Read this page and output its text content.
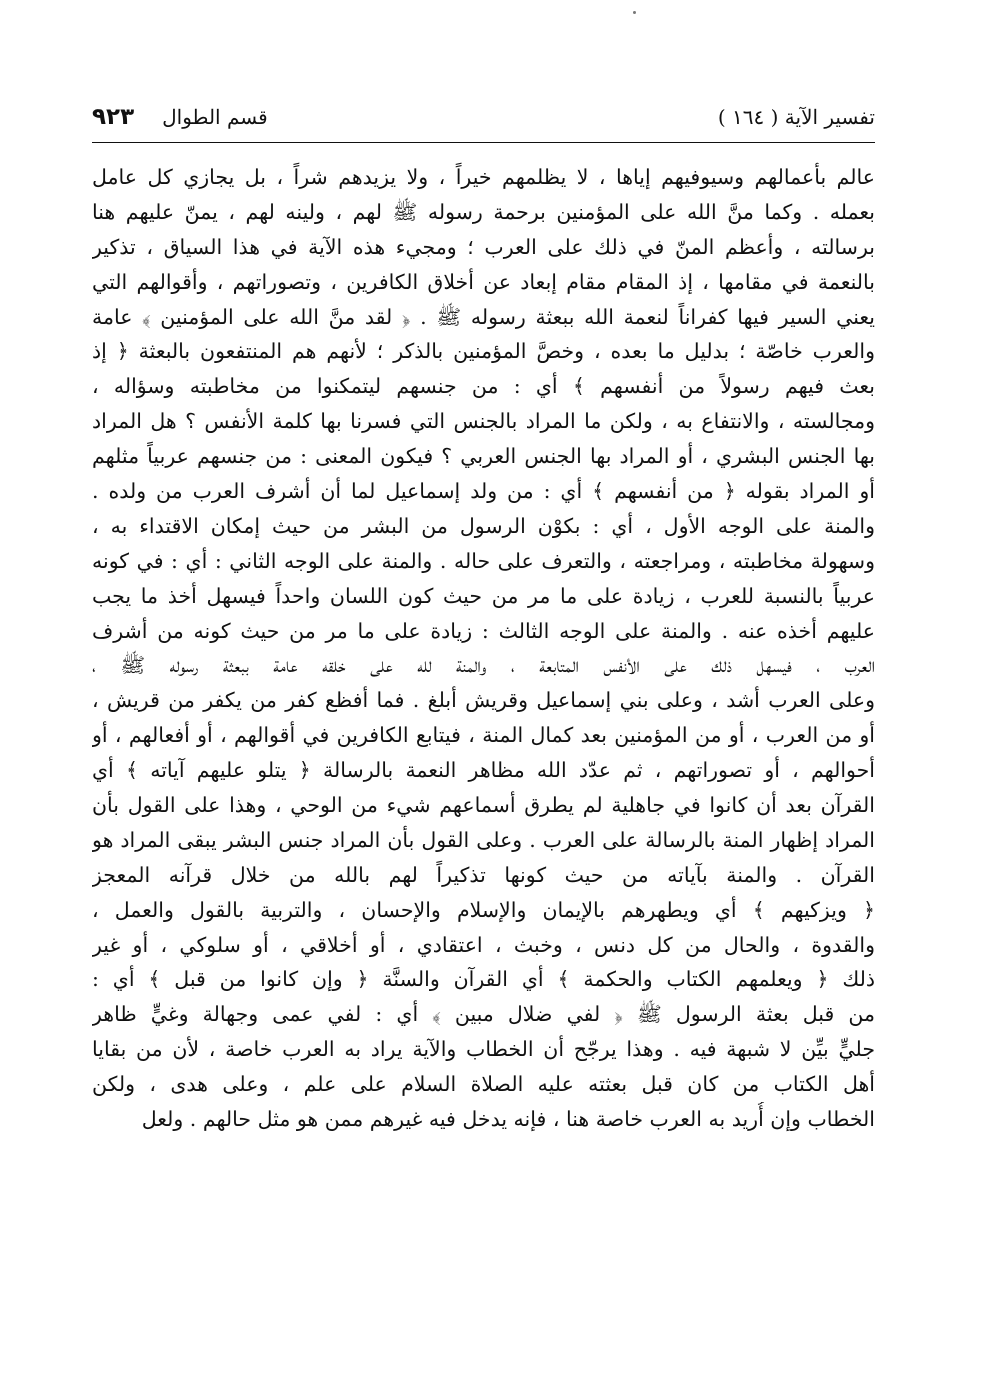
تفسير الآية ( ١٦٤ )
قسم الطوال
٩٢٣
عالم بأعمالهم وسيوفيهم إياها ، لا يظلمهم خيراً ، ولا يزيدهم شراً ، بل يجازي كل عامل
بعمله . وكما منَّ الله على المؤمنين برحمة رسوله ﷺ لهم ، ولينه لهم ، يمنّ عليهم هنا
برسالته ، وأعظم المنّ في ذلك على العرب ؛ ومجيء هذه الآية في هذا السياق ، تذكير
بالنعمة في مقامها ، إذ المقام مقام إبعاد عن أخلاق الكافرين ، وتصوراتهم ، وأقوالهم التي
يعني السير فيها كفراناً لنعمة الله ببعثة رسوله ﷺ . ﴿ لقد منَّ الله على المؤمنين ﴾ عامة
والعرب خاصّة ؛ بدليل ما بعده ، وخصَّ المؤمنين بالذكر ؛ لأنهم هم المنتفعون بالبعثة ﴿ إذ
بعث فيهم رسولاً من أنفسهم ﴾ أي : من جنسهم ليتمكنوا من مخاطبته وسؤاله ،
ومجالسته ، والانتفاع به ، ولكن ما المراد بالجنس التي فسرنا بها كلمة الأنفس ؟ هل المراد
بها الجنس البشري ، أو المراد بها الجنس العربي ؟ فيكون المعنى : من جنسهم عربياً مثلهم
أو المراد بقوله ﴿ من أنفسهم ﴾ أي : من ولد إسماعيل لما أن أشرف العرب من ولده .
والمنة على الوجه الأول ، أي : بكوْن الرسول من البشر من حيث إمكان الاقتداء به ،
وسهولة مخاطبته ، ومراجعته ، والتعرف على حاله . والمنة على الوجه الثاني : أي : في كونه
عربياً بالنسبة للعرب ، زيادة على ما مر من حيث كون اللسان واحداً فيسهل أخذ ما يجب
عليهم أخذه عنه . والمنة على الوجه الثالث : زيادة على ما مر من حيث كونه من أشرف
العرب ، فيسهل ذلك على الأنفس المتابعة ، والمنة لله على خلقه عامة ببعثة رسوله ﷺ ،
وعلى العرب أشد ، وعلى بني إسماعيل وقريش أبلغ . فما أفظع كفر من يكفر من قريش ،
أو من العرب ، أو من المؤمنين بعد كمال المنة ، فيتابع الكافرين في أقوالهم ، أو أفعالهم ، أو
أحوالهم ، أو تصوراتهم ، ثم عدّد الله مظاهر النعمة بالرسالة ﴿ يتلو عليهم آياته ﴾ أي
القرآن بعد أن كانوا في جاهلية لم يطرق أسماعهم شيء من الوحي ، وهذا على القول بأن
المراد إظهار المنة بالرسالة على العرب . وعلى القول بأن المراد جنس البشر يبقى المراد هو
القرآن . والمنة بآياته من حيث كونها تذكيراً لهم بالله من خلال قرآنه المعجز
﴿ ويزكيهم ﴾ أي ويطهرهم بالإيمان والإسلام والإحسان ، والتربية بالقول والعمل ،
والقدوة ، والحال من كل دنس ، وخبث ، اعتقادي ، أو أخلاقي ، أو سلوكي ، أو غير
ذلك ﴿ ويعلمهم الكتاب والحكمة ﴾ أي القرآن والسنَّة ﴿ وإن كانوا من قبل ﴾ أي :
من قبل بعثة الرسول ﷺ ﴿ لفي ضلال مبين ﴾ أي : لفي عمى وجهالة وغيٍّ ظاهر
جليٍّ بيِّن لا شبهة فيه . وهذا يرجّح أن الخطاب والآية يراد به العرب خاصة ، لأن من بقايا
أهل الكتاب من كان قبل بعثته عليه الصلاة السلام على علم ، وعلى هدى ، ولكن
الخطاب وإن أُريد به العرب خاصة هنا ، فإنه يدخل فيه غيرهم ممن هو مثل حالهم . ولعل
